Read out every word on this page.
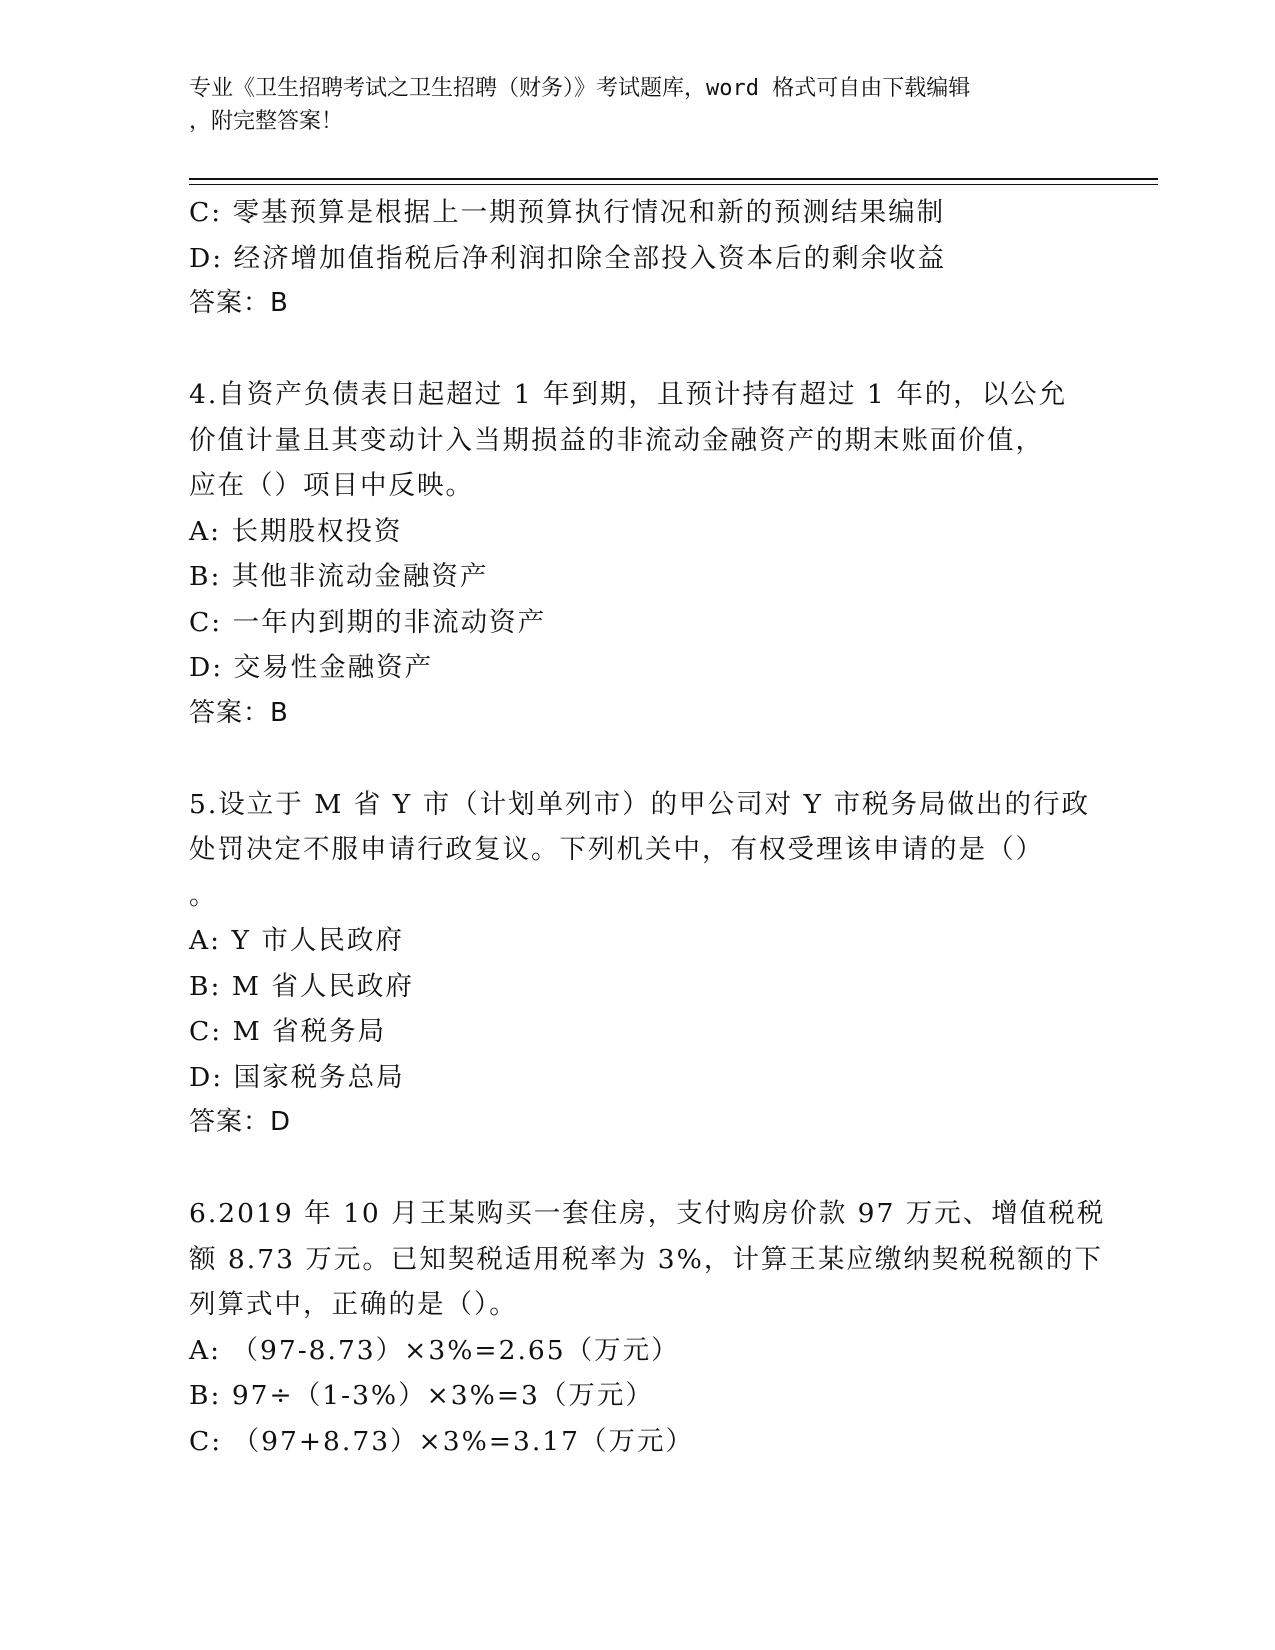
专业《卫生招聘考试之卫生招聘（财务）》考试题库，word 格式可自由下载编辑
，附完整答案！
C: 零基预算是根据上一期预算执行情况和新的预测结果编制
D: 经济增加值指税后净利润扣除全部投入资本后的剩余收益
答案：B
4.自资产负债表日起超过 1 年到期，且预计持有超过 1 年的，以公允
价值计量且其变动计入当期损益的非流动金融资产的期末账面价值，
应在（）项目中反映。
A: 长期股权投资
B: 其他非流动金融资产
C: 一年内到期的非流动资产
D: 交易性金融资产
答案：B
5.设立于 M 省 Y 市（计划单列市）的甲公司对 Y 市税务局做出的行政
处罚决定不服申请行政复议。下列机关中，有权受理该申请的是（）
。
A: Y 市人民政府
B: M 省人民政府
C: M 省税务局
D: 国家税务总局
答案：D
6.2019 年 10 月王某购买一套住房，支付购房价款 97 万元、增值税税
额 8.73 万元。已知契税适用税率为 3%，计算王某应缴纳契税税额的下
列算式中，正确的是（）。
A: （97-8.73）×3%=2.65（万元）
B: 97÷（1-3%）×3%=3（万元）
C: （97+8.73）×3%=3.17（万元）
